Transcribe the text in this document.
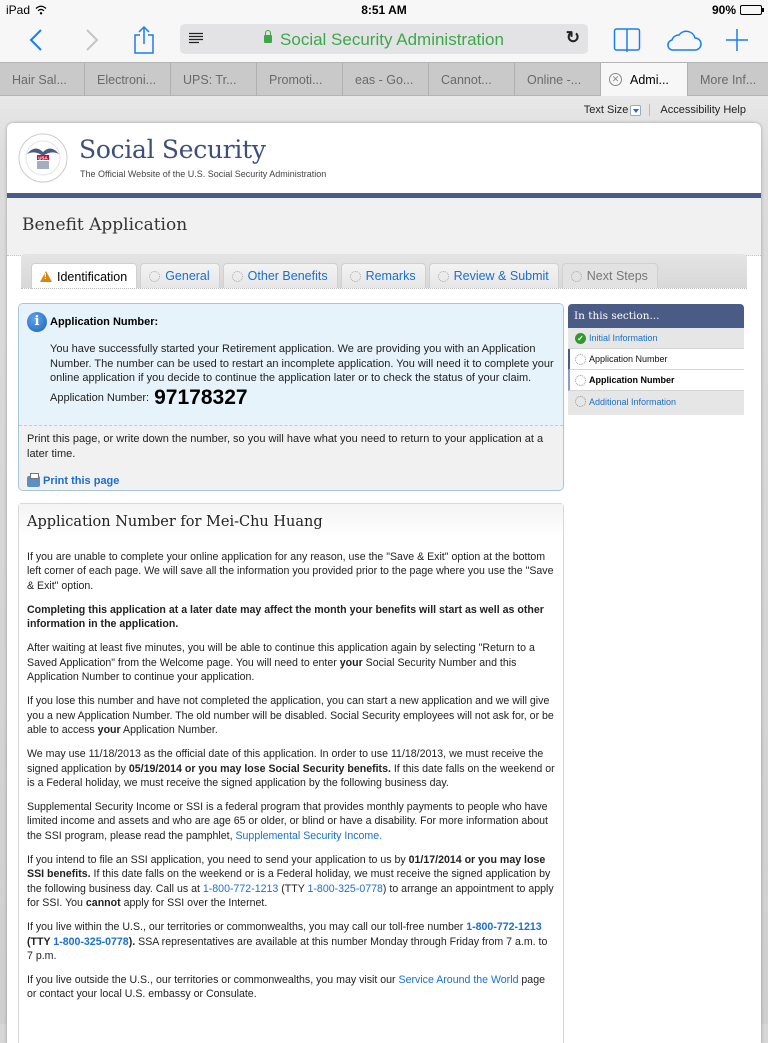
iPad	8:51 AM	90%
Social Security Administration	↻
Hair Sal... Electroni... UPS: Tr...	Promoti...	eas - Go... Cannot...	Online -...	✕ Admi... More Inf...
Text Size	Accessibility Help
USA Social Security
The Official Website of the U.S. Social Security Administration
Benefit Application
!
Identification	General	Other Benefits	Remarks	Review & Submit	Next Steps
i Application Number:
You have successfully started your Retirement application. We are providing you with an Application Number. The number can be used to restart an incomplete application. You will need it to complete your online application if you decide to continue the application later or to check the status of your claim.
Application Number: 97178327
Print this page, or write down the number, so you will have what you need to return to your application at a later time.
Print this page
In this section...
✓ Initial Information
Application Number
Application Number
Additional Information
Application Number for Mei-Chu Huang

If you are unable to complete your online application for any reason, use the "Save & Exit" option at the bottom left corner of each page. We will save all the information you provided prior to the page where you use the "Save & Exit" option.

Completing this application at a later date may affect the month your benefits will start as well as other information in the application.

After waiting at least five minutes, you will be able to continue this application again by selecting "Return to a Saved Application" from the Welcome page. You will need to enter your Social Security Number and this Application Number to continue your application.

If you lose this number and have not completed the application, you can start a new application and we will give you a new Application Number. The old number will be disabled. Social Security employees will not ask for, or be able to access your Application Number.

We may use 11/18/2013 as the official date of this application. In order to use 11/18/2013, we must receive the signed application by 05/19/2014 or you may lose Social Security benefits. If this date falls on the weekend or is a Federal holiday, we must receive the signed application by the following business day.

Supplemental Security Income or SSI is a federal program that provides monthly payments to people who have limited income and assets and who are age 65 or older, or blind or have a disability. For more information about the SSI program, please read the pamphlet, Supplemental Security Income.

If you intend to file an SSI application, you need to send your application to us by 01/17/2014 or you may lose SSI benefits. If this date falls on the weekend or is a Federal holiday, we must receive the signed application by the following business day. Call us at 1-800-772-1213 (TTY 1-800-325-0778) to arrange an appointment to apply for SSI. You cannot apply for SSI over the Internet.

If you live within the U.S., our territories or commonwealths, you may call our toll-free number 1-800-772-1213 (TTY 1-800-325-0778). SSA representatives are available at this number Monday through Friday from 7 a.m. to 7 p.m.

If you live outside the U.S., our territories or commonwealths, you may visit our Service Around the World page or contact your local U.S. embassy or Consulate.
